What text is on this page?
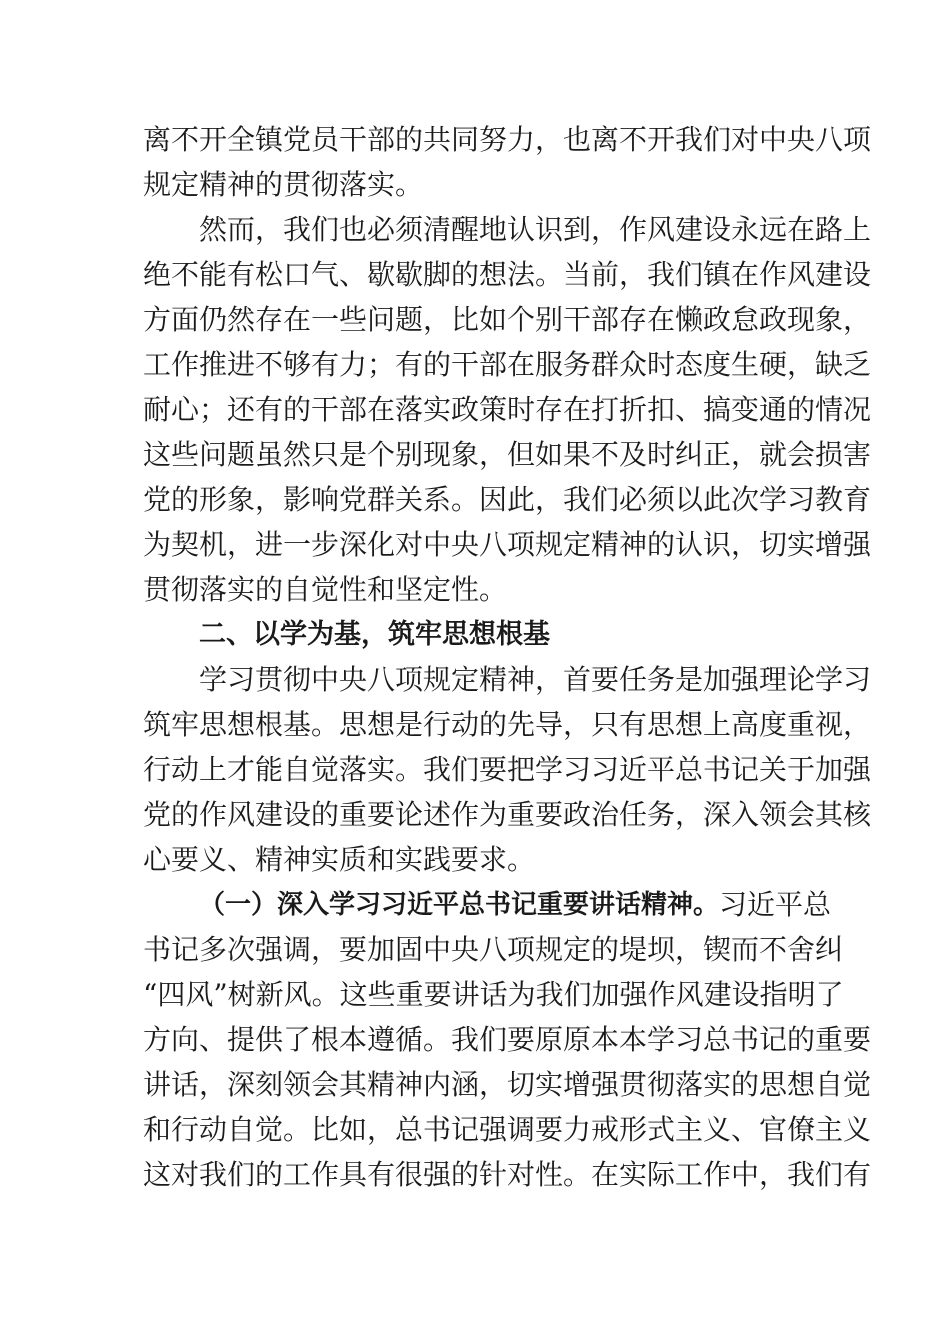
离不开全镇党员干部的共同努力，也离不开我们对中央八项
规定精神的贯彻落实。
然而，我们也必须清醒地认识到，作风建设永远在路上
绝不能有松口气、歇歇脚的想法。当前，我们镇在作风建设
方面仍然存在一些问题，比如个别干部存在懒政怠政现象，
工作推进不够有力；有的干部在服务群众时态度生硬，缺乏
耐心；还有的干部在落实政策时存在打折扣、搞变通的情况
这些问题虽然只是个别现象，但如果不及时纠正，就会损害
党的形象，影响党群关系。因此，我们必须以此次学习教育
为契机，进一步深化对中央八项规定精神的认识，切实增强
贯彻落实的自觉性和坚定性。
二、以学为基，筑牢思想根基
学习贯彻中央八项规定精神，首要任务是加强理论学习
筑牢思想根基。思想是行动的先导，只有思想上高度重视，
行动上才能自觉落实。我们要把学习习近平总书记关于加强
党的作风建设的重要论述作为重要政治任务，深入领会其核
心要义、精神实质和实践要求。
（一）深入学习习近平总书记重要讲话精神。 习近平总
书记多次强调，要加固中央八项规定的堤坝，锲而不舍纠
“四风”树新风。这些重要讲话为我们加强作风建设指明了
方向、提供了根本遵循。我们要原原本本学习总书记的重要
讲话，深刻领会其精神内涵，切实增强贯彻落实的思想自觉
和行动自觉。比如，总书记强调要力戒形式主义、官僚主义
这对我们的工作具有很强的针对性。在实际工作中，我们有
